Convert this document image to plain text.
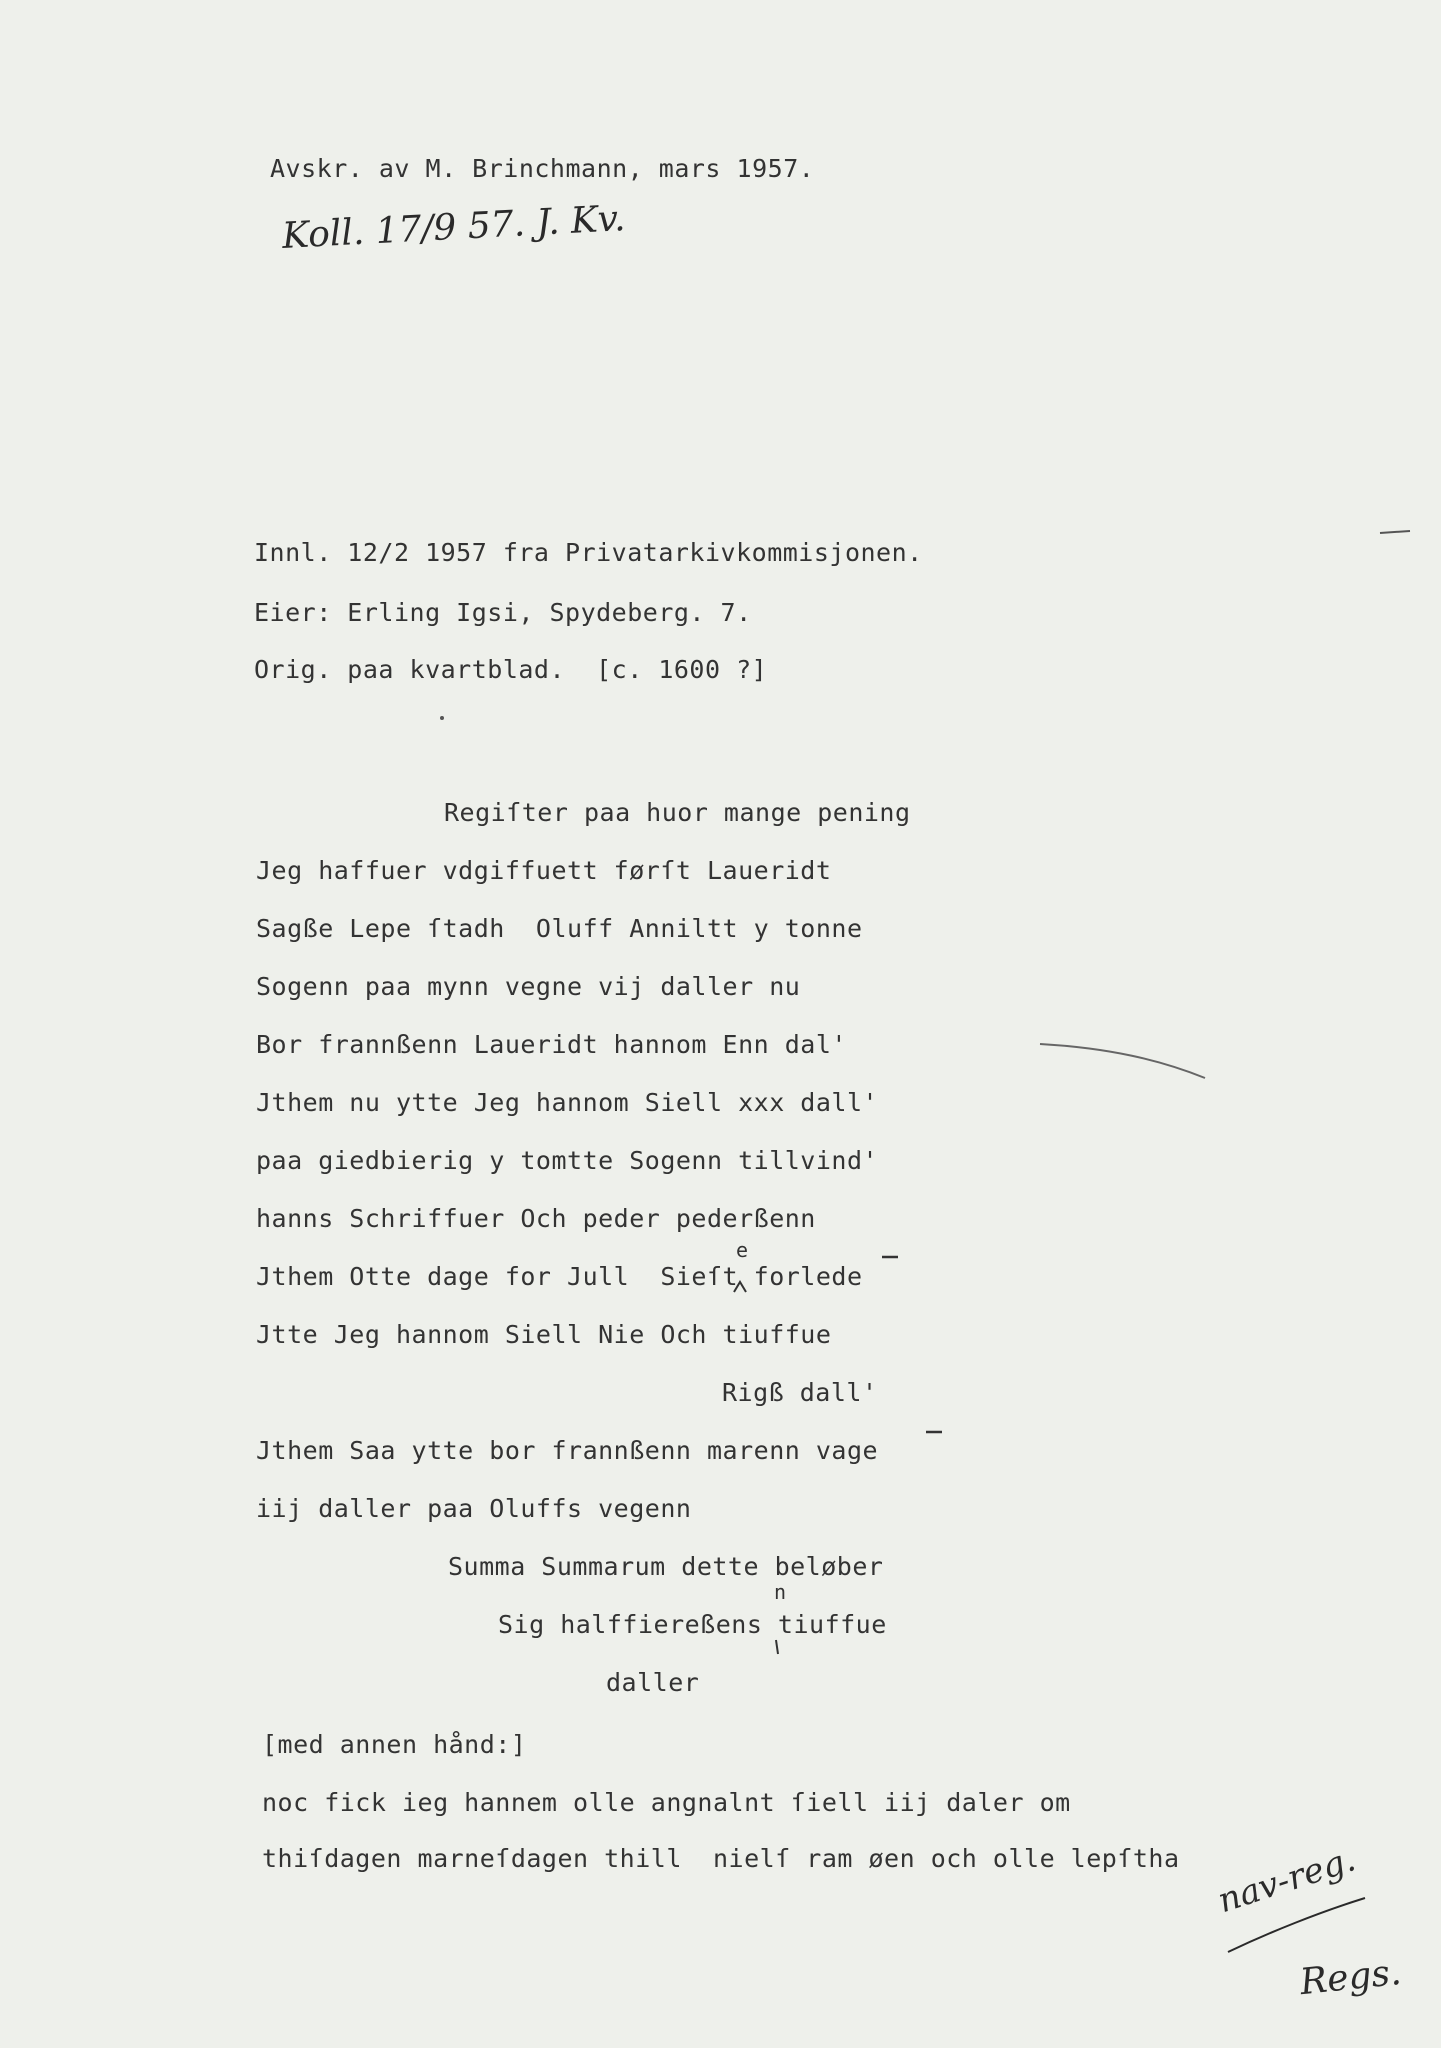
Avskr. av M. Brinchmann, mars 1957.
Koll. 17/9 57. J. Kv.
Innl. 12/2 1957 fra Privatarkivkommisjonen.
Eier: Erling Igsi, Spydeberg. 7.
Orig. paa kvartblad.  [c. 1600 ?]
Regiſter paa huor mange pening
Jeg haffuer vdgiffuett førſt Laueridt
Sagße Lepe ſtadh  Oluff Anniltt y tonne
Sogenn paa mynn vegne vij daller nu
Bor frannßenn Laueridt hannom Enn dal'
Jthem nu ytte Jeg hannom Siell xxx dall'
paa giedbierig y tomtte Sogenn tillvind'
hanns Schriffuer Och peder pederßenn
e
Jthem Otte dage for Jull  Sieſt forlede
Jtte Jeg hannom Siell Nie Och tiuffue
Rigß dall'
Jthem Saa ytte bor frannßenn marenn vage
iij daller paa Oluffs vegenn
Summa Summarum dette beløber
n
Sig halffiereßens tiuffue
daller
[med annen hånd:]
noc fick ieg hannem olle angnalnt ſiell iij daler om
thiſdagen marneſdagen thill  nielſ ram øen och olle lepſtha nav-reg.
Regs.
